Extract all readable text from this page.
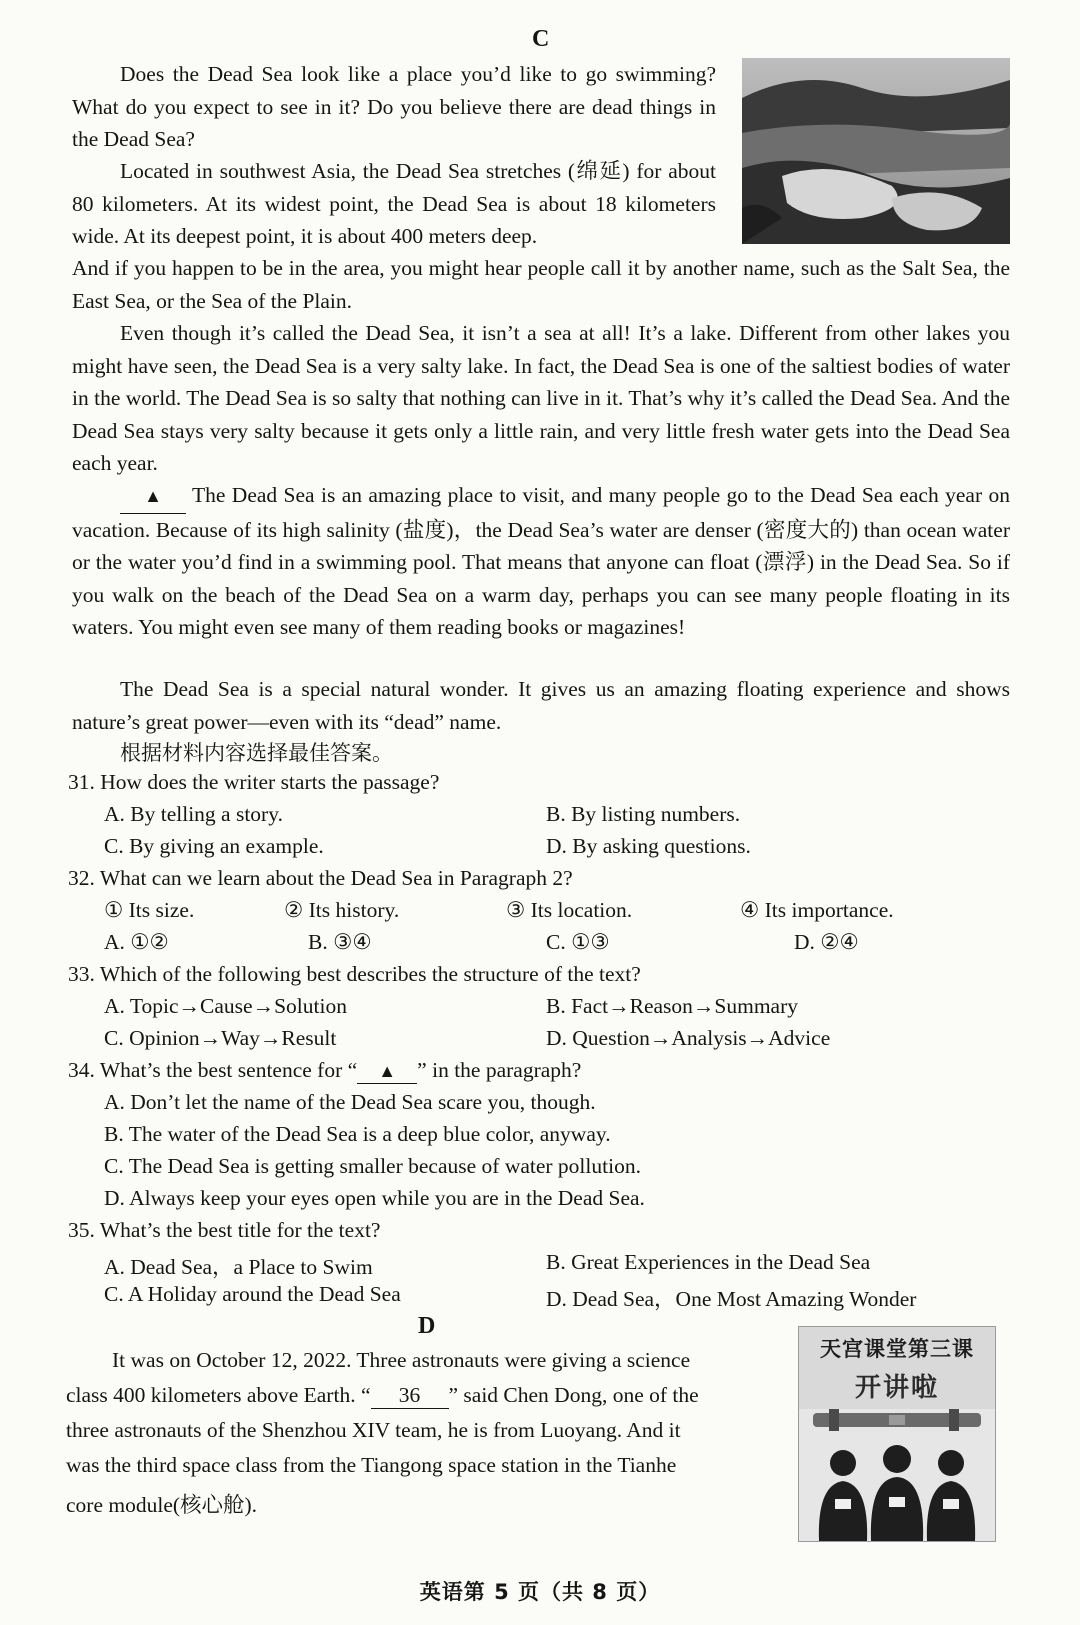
C

Does the Dead Sea look like a place you’d like to go swimming? What do you expect to see in it? Do you believe there are dead things in the Dead Sea?

Located in southwest Asia, the Dead Sea stretches (绵延) for about 80 kilometers. At its widest point, the Dead Sea is about 18 kilometers wide. At its deepest point, it is about 400 meters deep.

And if you happen to be in the area, you might hear people call it by another name, such as the Salt Sea, the East Sea, or the Sea of the Plain.

Even though it’s called the Dead Sea, it isn’t a sea at all! It’s a lake. Different from other lakes you might have seen, the Dead Sea is a very salty lake. In fact, the Dead Sea is one of the saltiest bodies of water in the world. The Dead Sea is so salty that nothing can live in it. That’s why it’s called the Dead Sea. And the Dead Sea stays very salty because it gets only a little rain, and very little fresh water gets into the Dead Sea each year.

▲ The Dead Sea is an amazing place to visit, and many people go to the Dead Sea each year on vacation. Because of its high salinity (盐度)，the Dead Sea’s water are denser (密度大的) than ocean water or the water you’d find in a swimming pool. That means that anyone can float (漂浮) in the Dead Sea. So if you walk on the beach of the Dead Sea on a warm day, perhaps you can see many people floating in its waters. You might even see many of them reading books or magazines!

The Dead Sea is a special natural wonder. It gives us an amazing floating experience and shows nature’s great power—even with its “dead” name.

根据材料内容选择最佳答案。
31. How does the writer starts the passage?
A. By telling a story.	B. By listing numbers.
C. By giving an example.	D. By asking questions.
32. What can we learn about the Dead Sea in Paragraph 2?
① Its size.	② Its history.	③ Its location.	④ Its importance.
A. ①②	B. ③④	C. ①③	D. ②④
33. Which of the following best describes the structure of the text?
A. Topic→Cause→Solution	B. Fact→Reason→Summary
C. Opinion→Way→Result	D. Question→Analysis→Advice
34. What’s the best sentence for “ ▲ ” in the paragraph?
A. Don’t let the name of the Dead Sea scare you, though.
B. The water of the Dead Sea is a deep blue color, anyway.
C. The Dead Sea is getting smaller because of water pollution.
D. Always keep your eyes open while you are in the Dead Sea.
35. What’s the best title for the text?
A. Dead Sea，a Place to Swim	B. Great Experiences in the Dead Sea
C. A Holiday around the Dead Sea	D. Dead Sea，One Most Amazing Wonder
D
It was on October 12, 2022. Three astronauts were giving a science
class 400 kilometers above Earth. “ 36 ” said Chen Dong, one of the
three astronauts of the Shenzhou XIV team, he is from Luoyang. And it
was the third space class from the Tiangong space station in the Tianhe
core module(核心舱).
天宫课堂第三课
开讲啦
英语第 5 页（共 8 页）
